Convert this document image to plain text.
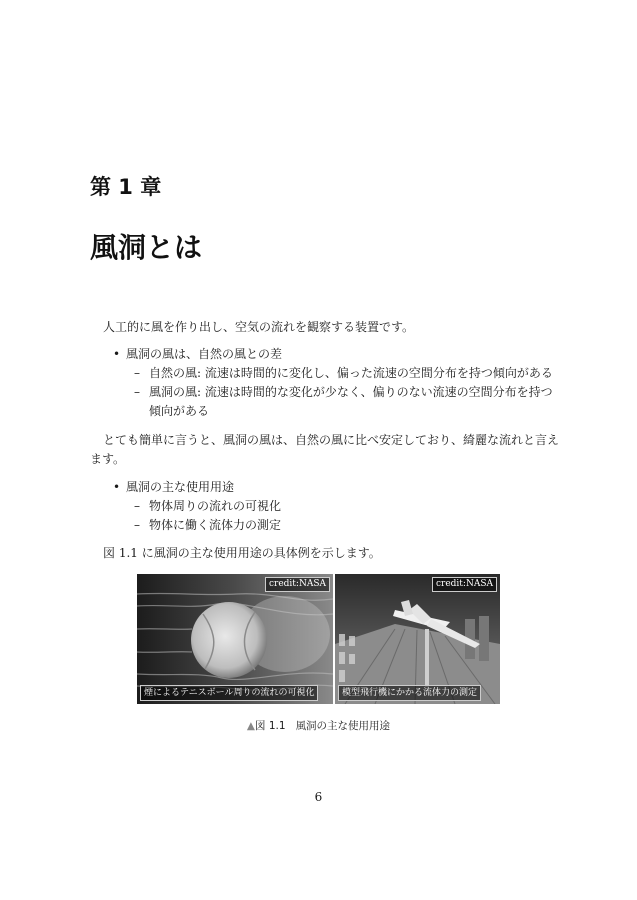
第 1 章
風洞とは
人工的に風を作り出し、空気の流れを観察する装置です。
• 風洞の風は、自然の風との差
– 自然の風: 流速は時間的に変化し、偏った流速の空間分布を持つ傾向がある
– 風洞の風: 流速は時間的な変化が少なく、偏りのない流速の空間分布を持つ傾向がある
とても簡単に言うと、風洞の風は、自然の風に比べ安定しており、綺麗な流れと言えます。
• 風洞の主な使用用途
– 物体周りの流れの可視化
– 物体に働く流体力の測定
図 1.1 に風洞の主な使用用途の具体例を示します。
credit:NASA
煙によるテニスボール周りの流れの可視化
credit:NASA
模型飛行機にかかる流体力の測定
▲図 1.1 風洞の主な使用用途
6
